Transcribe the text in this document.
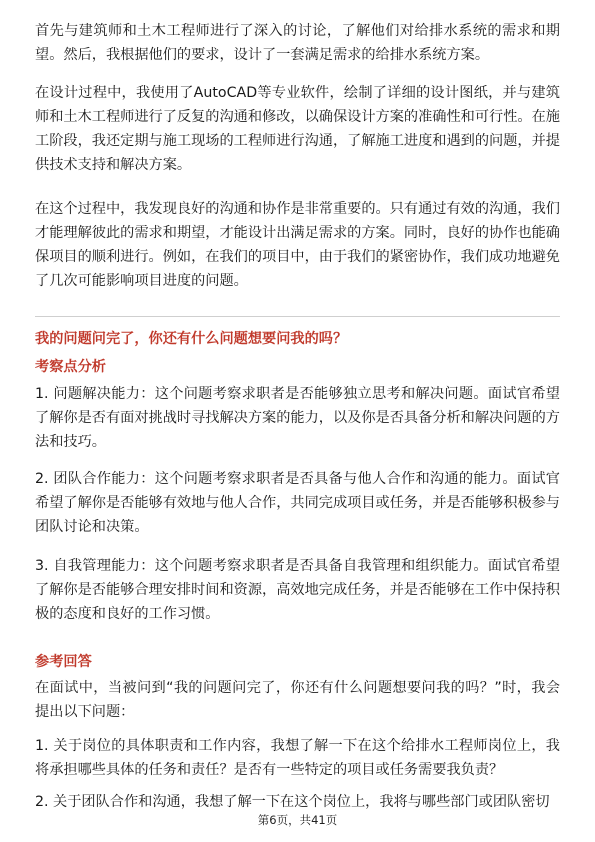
首先与建筑师和土木工程师进行了深入的讨论，了解他们对给排水系统的需求和期望。然后，我根据他们的要求，设计了一套满足需求的给排水系统方案。

在设计过程中，我使用了AutoCAD等专业软件，绘制了详细的设计图纸，并与建筑师和土木工程师进行了反复的沟通和修改，以确保设计方案的准确性和可行性。在施工阶段，我还定期与施工现场的工程师进行沟通，了解施工进度和遇到的问题，并提供技术支持和解决方案。

在这个过程中，我发现良好的沟通和协作是非常重要的。只有通过有效的沟通，我们才能理解彼此的需求和期望，才能设计出满足需求的方案。同时，良好的协作也能确保项目的顺利进行。例如，在我们的项目中，由于我们的紧密协作，我们成功地避免了几次可能影响项目进度的问题。

我的问题问完了，你还有什么问题想要问我的吗？

考察点分析

1. 问题解决能力：这个问题考察求职者是否能够独立思考和解决问题。面试官希望了解你是否有面对挑战时寻找解决方案的能力，以及你是否具备分析和解决问题的方法和技巧。

2. 团队合作能力：这个问题考察求职者是否具备与他人合作和沟通的能力。面试官希望了解你是否能够有效地与他人合作，共同完成项目或任务，并是否能够积极参与团队讨论和决策。

3. 自我管理能力：这个问题考察求职者是否具备自我管理和组织能力。面试官希望了解你是否能够合理安排时间和资源，高效地完成任务，并是否能够在工作中保持积极的态度和良好的工作习惯。

参考回答

在面试中，当被问到“我的问题问完了，你还有什么问题想要问我的吗？”时，我会提出以下问题：

1. 关于岗位的具体职责和工作内容，我想了解一下在这个给排水工程师岗位上，我将承担哪些具体的任务和责任？是否有一些特定的项目或任务需要我负责？

2. 关于团队合作和沟通，我想了解一下在这个岗位上，我将与哪些部门或团队密切

第6页，共41页
